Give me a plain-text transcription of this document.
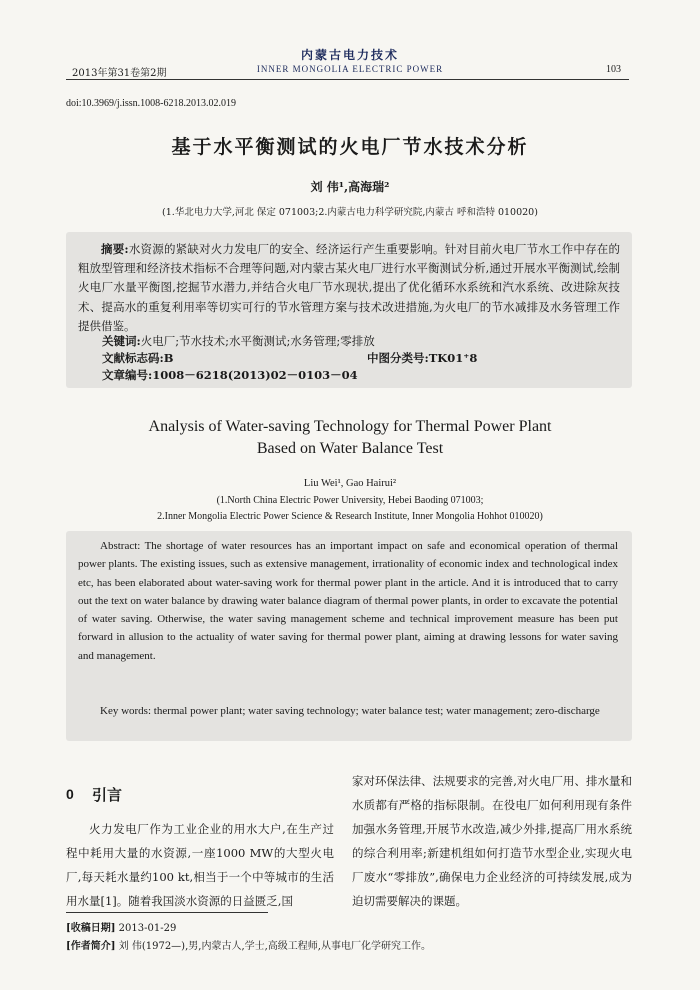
内蒙古电力技术
2013年第31卷第2期	INNER MONGOLIA ELECTRIC POWER	103
doi:10.3969/j.issn.1008-6218.2013.02.019
基于水平衡测试的火电厂节水技术分析
刘 伟¹,高海瑞²
(1.华北电力大学,河北 保定 071003;2.内蒙古电力科学研究院,内蒙古 呼和浩特 010020)
摘要:水资源的紧缺对火力发电厂的安全、经济运行产生重要影响。针对目前火电厂节水工作中存在的粗放型管理和经济技术指标不合理等问题,对内蒙古某火电厂进行水平衡测试分析,通过开展水平衡测试,绘制火电厂水量平衡图,挖掘节水潜力,并结合火电厂节水现状,提出了优化循环水系统和汽水系统、改进除灰技术、提高水的重复利用率等切实可行的节水管理方案与技术改进措施,为火电厂的节水减排及水务管理工作提供借鉴。
关键词:火电厂;节水技术;水平衡测试;水务管理;零排放
文献标志码:B	中图分类号:TK01⁺8
文章编号:1008－6218(2013)02－0103－04
Analysis of Water-saving Technology for Thermal Power Plant
Based on Water Balance Test
Liu Wei¹, Gao Hairui²
(1.North China Electric Power University, Hebei Baoding 071003;
2.Inner Mongolia Electric Power Science & Research Institute, Inner Mongolia Hohhot 010020)
Abstract: The shortage of water resources has an important impact on safe and economical operation of thermal power plants. The existing issues, such as extensive management, irrationality of economic index and technological index etc, has been elaborated about water-saving work for thermal power plant in the article. And it is introduced that to carry out the text on water balance by drawing water balance diagram of thermal power plants, in order to excavate the potential of water saving. Otherwise, the water saving management scheme and technical improvement measure has been put forward in allusion to the actuality of water saving for thermal power plant, aiming at drawing lessons for water saving and management.
Key words: thermal power plant; water saving technology; water balance test; water management; zero-discharge
0 引言
火力发电厂作为工业企业的用水大户,在生产过程中耗用大量的水资源,一座1000 MW的大型火电厂,每天耗水量约100 kt,相当于一个中等城市的生活用水量[1]。随着我国淡水资源的日益匮乏,国
家对环保法律、法规要求的完善,对火电厂用、排水量和水质都有严格的指标限制。在役电厂如何利用现有条件加强水务管理,开展节水改造,减少外排,提高厂用水系统的综合利用率;新建机组如何打造节水型企业,实现火电厂废水“零排放”,确保电力企业经济的可持续发展,成为迫切需要解决的课题。
[收稿日期] 2013-01-29
[作者简介] 刘 伟(1972—),男,内蒙古人,学士,高级工程师,从事电厂化学研究工作。
